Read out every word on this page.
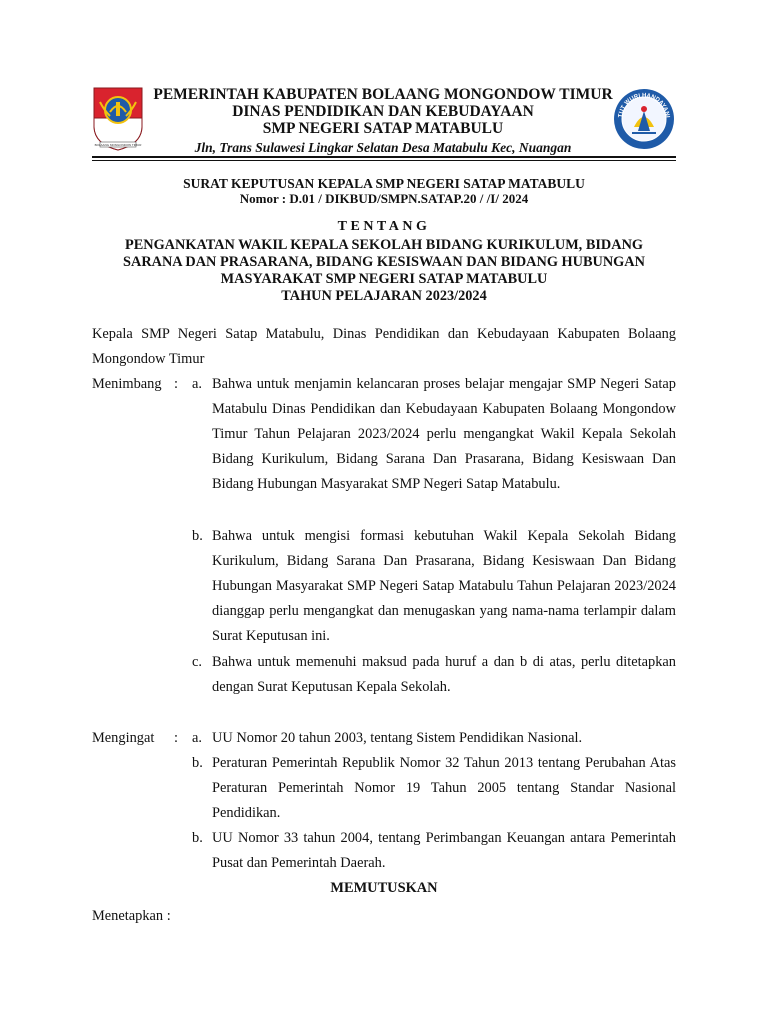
BOLAANG MONGONDOW TIMUR
TUT WURI HANDAYANI
PEMERINTAH KABUPATEN BOLAANG MONGONDOW TIMUR
DINAS PENDIDIKAN DAN KEBUDAYAAN
SMP NEGERI SATAP MATABULU
Jln, Trans Sulawesi Lingkar Selatan Desa Matabulu Kec, Nuangan
SURAT KEPUTUSAN KEPALA SMP NEGERI SATAP MATABULU
Nomor : D.01 / DIKBUD/SMPN.SATAP.20 / /I/ 2024
TENTANG
PENGANKATAN WAKIL KEPALA SEKOLAH BIDANG KURIKULUM, BIDANG
SARANA DAN PRASARANA, BIDANG KESISWAAN DAN BIDANG HUBUNGAN
MASYARAKAT SMP NEGERI SATAP MATABULU
TAHUN PELAJARAN 2023/2024
Kepala SMP Negeri Satap Matabulu, Dinas Pendidikan dan Kebudayaan Kabupaten Bolaang Mongondow Timur
Menimbang : a. Bahwa untuk menjamin kelancaran proses belajar mengajar SMP Negeri Satap Matabulu Dinas Pendidikan dan Kebudayaan Kabupaten Bolaang Mongondow Timur Tahun Pelajaran 2023/2024 perlu mengangkat Wakil Kepala Sekolah Bidang Kurikulum, Bidang Sarana Dan Prasarana, Bidang Kesiswaan Dan Bidang Hubungan Masyarakat SMP Negeri Satap Matabulu.
b. Bahwa untuk mengisi formasi kebutuhan Wakil Kepala Sekolah Bidang Kurikulum, Bidang Sarana Dan Prasarana, Bidang Kesiswaan Dan Bidang Hubungan Masyarakat SMP Negeri Satap Matabulu Tahun Pelajaran 2023/2024 dianggap perlu mengangkat dan menugaskan yang nama-nama terlampir dalam Surat Keputusan ini.
c. Bahwa untuk memenuhi maksud pada huruf a dan b di atas, perlu ditetapkan dengan Surat Keputusan Kepala Sekolah.
Mengingat : a. UU Nomor 20 tahun 2003, tentang Sistem Pendidikan Nasional.
b. Peraturan Pemerintah Republik Nomor 32 Tahun 2013 tentang Perubahan Atas Peraturan Pemerintah Nomor 19 Tahun 2005 tentang Standar Nasional Pendidikan.
b. UU Nomor 33 tahun 2004, tentang Perimbangan Keuangan antara Pemerintah Pusat dan Pemerintah Daerah.
MEMUTUSKAN
Menetapkan :
